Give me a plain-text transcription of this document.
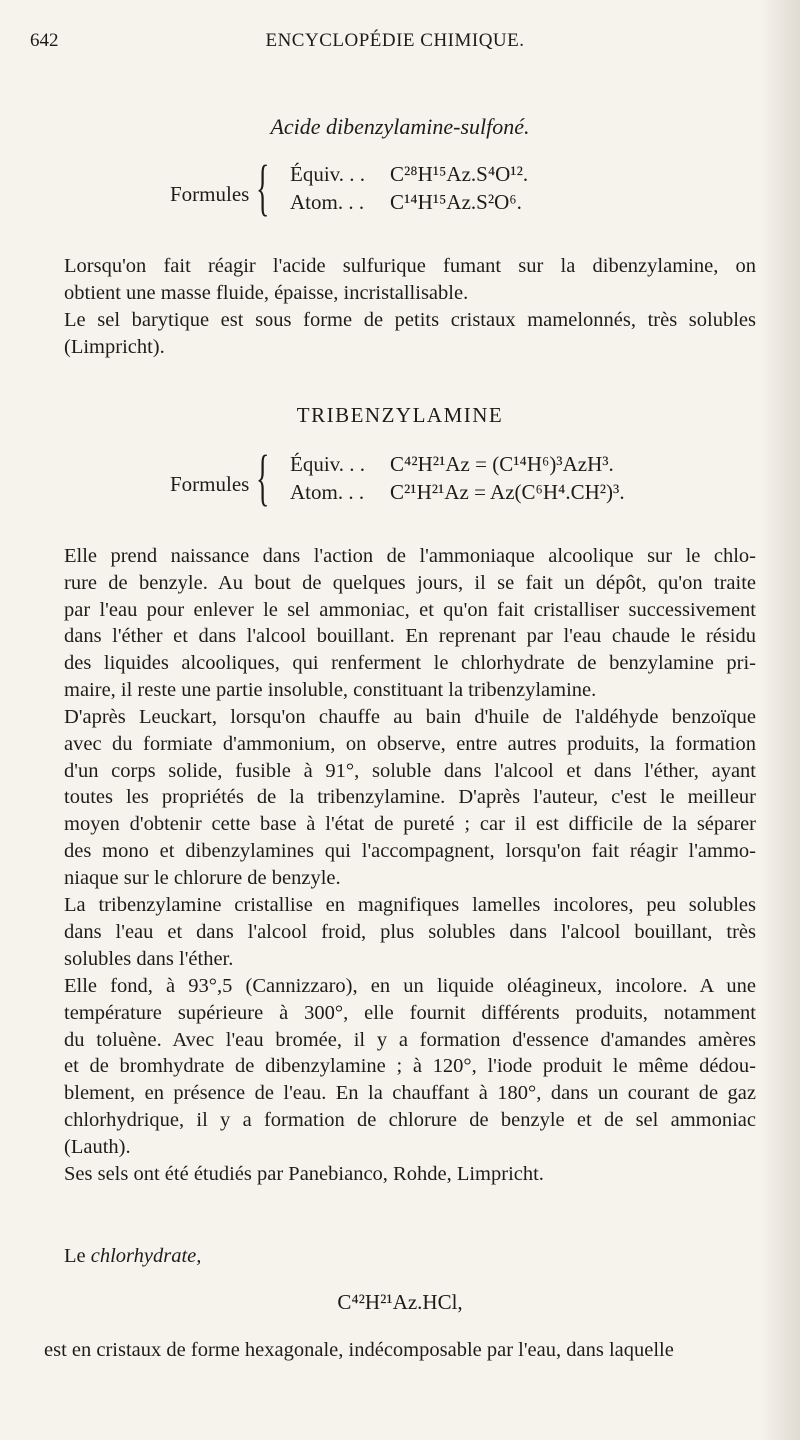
642	ENCYCLOPÉDIE CHIMIQUE.
Acide dibenzylamine-sulfoné.
Formules { Équiv. . . C²⁸H¹⁵Az.S⁴O¹².
Atom. . . C¹⁴H¹⁵Az.S²O⁶.
Lorsqu'on fait réagir l'acide sulfurique fumant sur la dibenzylamine, on
obtient une masse fluide, épaisse, incristallisable.
Le sel barytique est sous forme de petits cristaux mamelonnés, très solubles
(Limpricht).
TRIBENZYLAMINE
Formules { Équiv. . . C⁴²H²¹Az = (C¹⁴H⁶)³AzH³.
Atom. . . C²¹H²¹Az = Az(C⁶H⁴.CH²)³.
Elle prend naissance dans l'action de l'ammoniaque alcoolique sur le chlo-
rure de benzyle. Au bout de quelques jours, il se fait un dépôt, qu'on traite
par l'eau pour enlever le sel ammoniac, et qu'on fait cristalliser successivement
dans l'éther et dans l'alcool bouillant. En reprenant par l'eau chaude le résidu
des liquides alcooliques, qui renferment le chlorhydrate de benzylamine pri-
maire, il reste une partie insoluble, constituant la tribenzylamine.
D'après Leuckart, lorsqu'on chauffe au bain d'huile de l'aldéhyde benzoïque
avec du formiate d'ammonium, on observe, entre autres produits, la formation
d'un corps solide, fusible à 91°, soluble dans l'alcool et dans l'éther, ayant
toutes les propriétés de la tribenzylamine. D'après l'auteur, c'est le meilleur
moyen d'obtenir cette base à l'état de pureté ; car il est difficile de la séparer
des mono et dibenzylamines qui l'accompagnent, lorsqu'on fait réagir l'ammo-
niaque sur le chlorure de benzyle.
La tribenzylamine cristallise en magnifiques lamelles incolores, peu solubles
dans l'eau et dans l'alcool froid, plus solubles dans l'alcool bouillant, très
solubles dans l'éther.
Elle fond, à 93°,5 (Cannizzaro), en un liquide oléagineux, incolore. A une
température supérieure à 300°, elle fournit différents produits, notamment
du toluène. Avec l'eau bromée, il y a formation d'essence d'amandes amères
et de bromhydrate de dibenzylamine ; à 120°, l'iode produit le même dédou-
blement, en présence de l'eau. En la chauffant à 180°, dans un courant de gaz
chlorhydrique, il y a formation de chlorure de benzyle et de sel ammoniac
(Lauth).
Ses sels ont été étudiés par Panebianco, Rohde, Limpricht.
Le chlorhydrate,
C⁴²H²¹Az.HCl,
est en cristaux de forme hexagonale, indécomposable par l'eau, dans laquelle
